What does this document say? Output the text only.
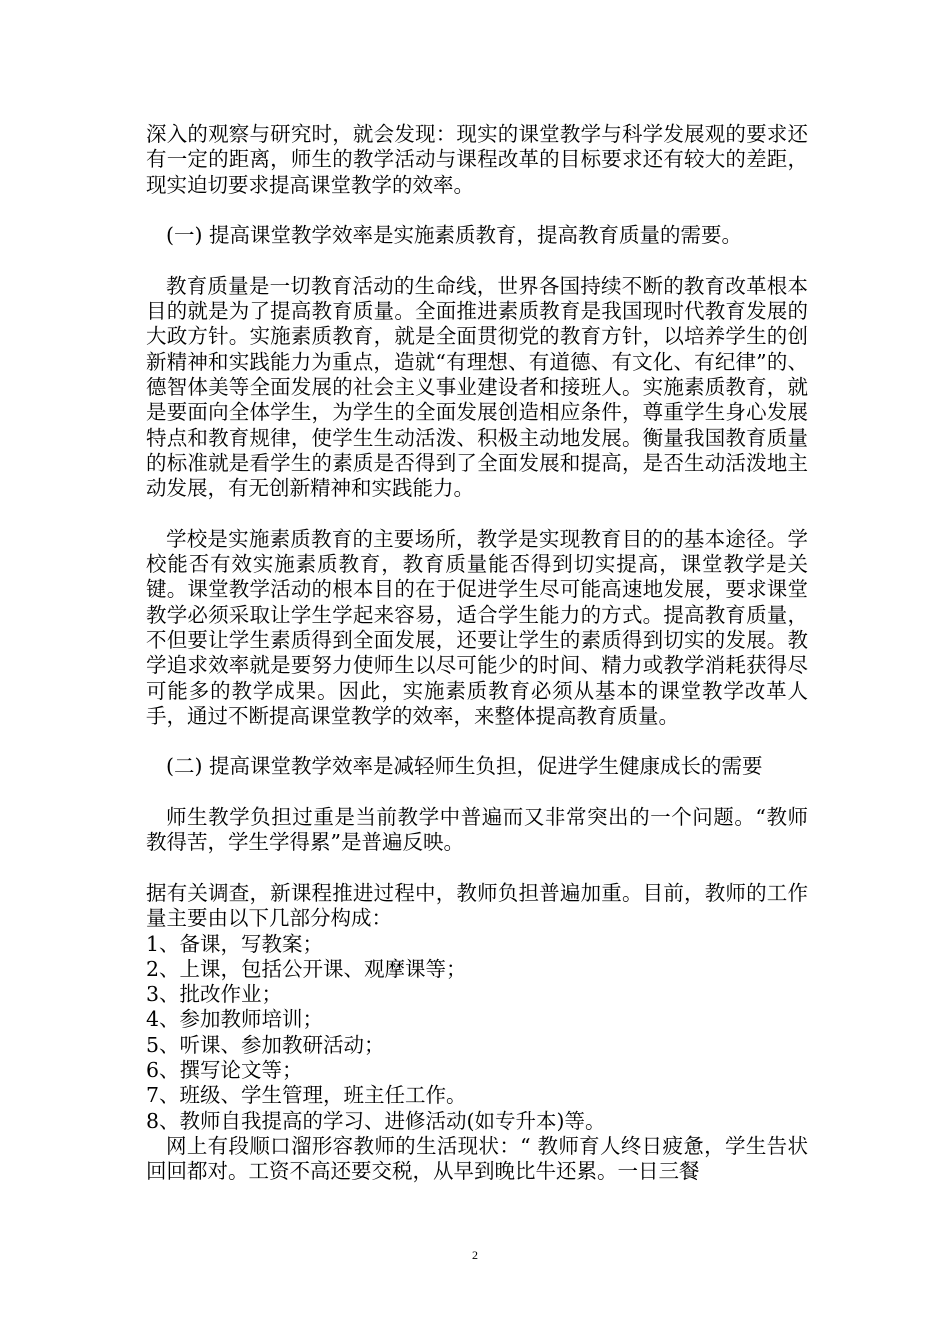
深入的观察与研究时，就会发现：现实的课堂教学与科学发展观的要求还有一定的距离，师生的教学活动与课程改革的目标要求还有较大的差距，现实迫切要求提高课堂教学的效率。

(一) 提高课堂教学效率是实施素质教育，提高教育质量的需要。

教育质量是一切教育活动的生命线，世界各国持续不断的教育改革根本目的就是为了提高教育质量。全面推进素质教育是我国现时代教育发展的大政方针。实施素质教育，就是全面贯彻党的教育方针，以培养学生的创新精神和实践能力为重点，造就“有理想、有道德、有文化、有纪律”的、德智体美等全面发展的社会主义事业建设者和接班人。实施素质教育，就是要面向全体学生，为学生的全面发展创造相应条件，尊重学生身心发展特点和教育规律，使学生生动活泼、积极主动地发展。衡量我国教育质量的标准就是看学生的素质是否得到了全面发展和提高，是否生动活泼地主动发展，有无创新精神和实践能力。

学校是实施素质教育的主要场所，教学是实现教育目的的基本途径。学校能否有效实施素质教育，教育质量能否得到切实提高，课堂教学是关键。课堂教学活动的根本目的在于促进学生尽可能高速地发展，要求课堂教学必须采取让学生学起来容易，适合学生能力的方式。提高教育质量，不但要让学生素质得到全面发展，还要让学生的素质得到切实的发展。教学追求效率就是要努力使师生以尽可能少的时间、精力或教学消耗获得尽可能多的教学成果。因此，实施素质教育必须从基本的课堂教学改革人手，通过不断提高课堂教学的效率，来整体提高教育质量。

(二) 提高课堂教学效率是减轻师生负担，促进学生健康成长的需要

师生教学负担过重是当前教学中普遍而又非常突出的一个问题。“教师教得苦，学生学得累”是普遍反映。

据有关调查，新课程推进过程中，教师负担普遍加重。目前，教师的工作量主要由以下几部分构成：

1、备课，写教案；

2、上课，包括公开课、观摩课等；

3、批改作业；

4、参加教师培训；

5、听课、参加教研活动；

6、撰写论文等；

7、班级、学生管理，班主任工作。

8、教师自我提高的学习、进修活动(如专升本)等。

网上有段顺口溜形容教师的生活现状：“ 教师育人终日疲惫，学生告状回回都对。工资不高还要交税，从早到晚比牛还累。一日三餐

2
